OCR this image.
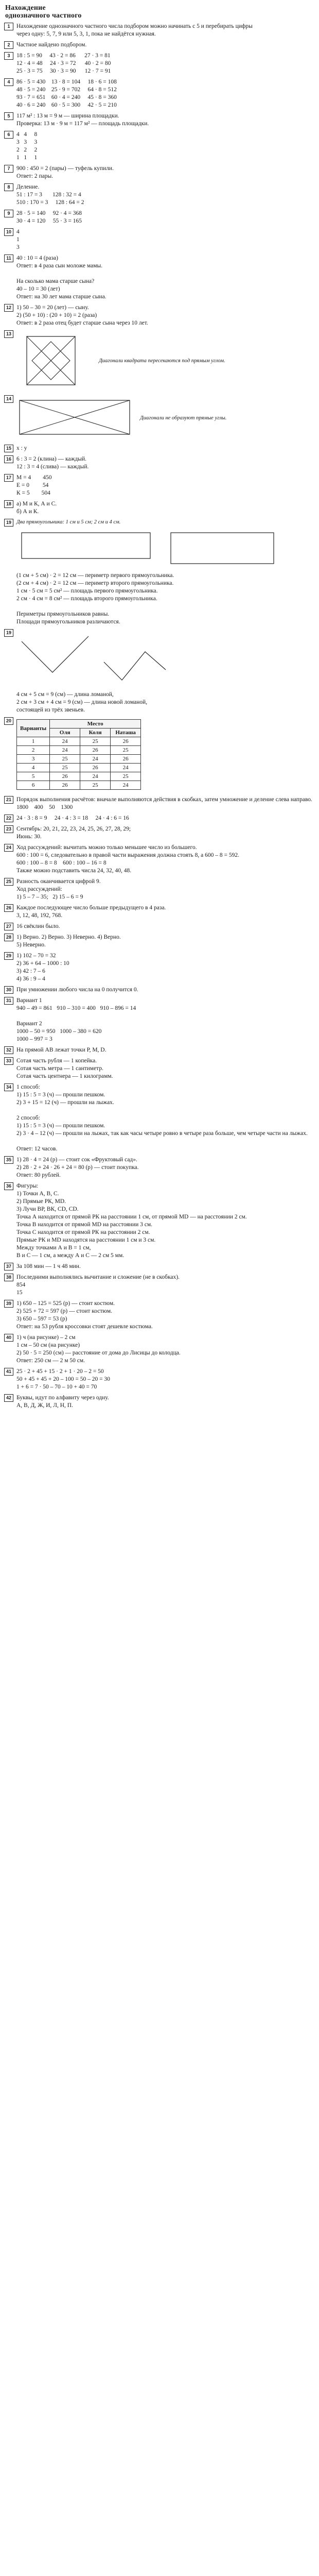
Нахождение
однозначного частного
1	Нахождение однозначного частного числа подбором можно начинать с 5 и перебирать цифры
через одну: 5, 7, 9 или 5, 3, 1, пока не найдётся нужная.
2	Частное найдено подбором.
3	18 : 5 = 90     43 · 2 = 86      27 · 3 = 81
12 · 4 = 48     24 · 3 = 72      40 · 2 = 80
25 · 3 = 75     30 · 3 = 90      12 · 7 = 91
4	86 · 5 = 430    13 · 8 = 104     18 · 6 = 108
48 · 5 = 240    25 · 9 = 702     64 · 8 = 512
93 · 7 = 651    60 · 4 = 240     45 · 8 = 360
40 · 6 = 240    60 · 5 = 300     42 · 5 = 210
5	117 м² : 13 м = 9 м — ширина площадки.
Проверка: 13 м · 9 м = 117 м² — площадь площадки.
6	4   4     8
3   3     3
2   2     2
1   1     1
7	900 : 450 = 2 (пары) — туфель купили.
Ответ: 2 пары.
8	Деление.
51 : 17 = 3       128 : 32 = 4
510 : 170 = 3     128 : 64 = 2
9	28 · 5 = 140     92 · 4 = 368
30 · 4 = 120     55 · 3 = 165
10 4
1
3
11 40 : 10 = 4 (раза)
Ответ: в 4 раза сын моложе мамы.
На сколько мама старше сына?
40 – 10 = 30 (лет)
Ответ: на 30 лет мама старше сына.
12 1) 50 – 30 = 20 (лет) — сыну.
2) (50 + 10) : (20 + 10) = 2 (раза)
Ответ: в 2 раза отец будет старше сына через 10 лет.
13
Диагонали квадрата пересекаются под прямым углом.
14
Диагонали не образуют прямые углы.
15 х : у
16 6 : 3 = 2 (клина) — каждый.
12 : 3 = 4 (слива) — каждый.
17 М = 4        450
Е = 0         54
К = 5        504
18 а) М и К, А и С.
б) А и К.
19 Два прямоугольника: 1 см и 5 см; 2 см и 4 см.
(1 см + 5 см) · 2 = 12 см — периметр первого прямоугольника.
(2 см + 4 см) · 2 = 12 см — периметр второго прямоугольника.
1 см · 5 см = 5 см² — площадь первого прямоугольника.
2 см · 4 см = 8 см² — площадь второго прямоугольника.
Периметры прямоугольников равны.
Площади прямоугольников различаются.
19
4 см + 5 см = 9 (см) — длина ломаной,
2 см + 3 см + 4 см = 9 (см) — длина новой ломаной,
состоящей из трёх звеньев.
20
Варианты	Место		
	Оля	Коля	Наташа
1	24	25	26
2	24	26	25
3	25	24	26
4	25	26	24
5	26	24	25
6	26	25	24
21 Порядок выполнения расчётов: вначале выполняются действия в скобках, затем умножение и деление слева направо.
1800    400    50    1300
22 24 · 3 : 8 = 9     24 · 4 : 3 = 18     24 · 4 : 6 = 16
23 Сентябрь: 20, 21, 22, 23, 24, 25, 26, 27, 28, 29;
Июнь: 30.
24 Ход рассуждений: вычитать можно только меньшее число из большего.
600 : 100 = 6, следовательно в правой части выражения должна стоять 8, а 600 – 8 = 592.
600 : 100 – 8 = 8    600 : 100 – 16 = 8
Также можно подставить числа 24, 32, 40, 48.
25 Разность оканчивается цифрой 9.
Ход рассуждений:
1) 5 – 7 – 35;   2) 15 – 6 = 9
26 Каждое последующее число больше предыдущего в 4 раза.
3, 12, 48, 192, 768.
27 16 свёклин было.
28 1) Верно. 2) Верно. 3) Неверно. 4) Верно.
5) Неверно.
29 1) 102 – 70 = 32
2) 36 + 64 – 1000 : 10
3) 42 : 7 – 6
4) 36 : 9 – 4
30 При умножении любого числа на 0 получится 0.
31 Вариант 1
940 – 49 = 861   910 – 310 = 400   910 – 896 = 14
Вариант 2
1000 – 50 = 950   1000 – 380 = 620
1000 – 997 = 3
32 На прямой АВ лежат точки Р, М, D.
33 Сотая часть рубля — 1 копейка.
Сотая часть метра — 1 сантиметр.
Сотая часть центнера — 1 килограмм.
34 1 способ:
1) 15 : 5 = 3 (ч) — прошли пешком.
2) 3 + 15 = 12 (ч) — прошли на лыжах.
2 способ:
1) 15 : 5 = 3 (ч) — прошли пешком.
2) 3 · 4 – 12 (ч) — прошли на лыжах, так как часы четыре ровно в четыре раза больше, чем четыре части на лыжах.
Ответ: 12 часов.
35 1) 28 · 4 = 24 (р) — стоит сок «Фруктовый сад».
2) 28 · 2 + 24 · 26 + 24 = 80 (р) — стоит покупка.
Ответ: 80 рублей.
36 Фигуры:
1) Точки А, В, С.
2) Прямые РК, МD.
3) Лучи ВР, ВК, СD, СD.
Точка А находится от прямой РК на расстоянии 1 см, от прямой МD — на расстоянии 2 см.
Точка В находится от прямой МD на расстоянии 3 см.
Точка С находится от прямой РК на расстоянии 2 см.
Прямые РК и МD находятся на расстоянии 1 см и 3 см.
Между точками А и В = 1 см,
В и С — 1 см, а между А и С — 2 см 5 мм.
37 За 108 мин — 1 ч 48 мин.
38 Последними выполнялись вычитание и сложение (не в скобках).
854
15
39 1) 650 – 125 = 525 (р) — стоит костюм.
2) 525 + 72 = 597 (р) — стоит костюм.
3) 650 – 597 = 53 (р)
Ответ: на 53 рубля кроссовки стоят дешевле костюма.
40 1) ч (на рисунке) – 2 см
1 см – 50 см (на рисунке)
2) 50 · 5 = 250 (см) — расстояние от дома до Лисицы до колодца.
Ответ: 250 см — 2 м 50 см.
41 25 · 2 + 45 + 15 · 2 + 1 · 20 – 2 = 50
50 + 45 + 45 + 20 – 100 = 50 – 20 = 30
1 + 6 = 7 · 50 – 70 – 10 + 40 = 70
42 Буквы, идут по алфавиту через одну.
А, В, Д, Ж, И, Л, Н, П.
